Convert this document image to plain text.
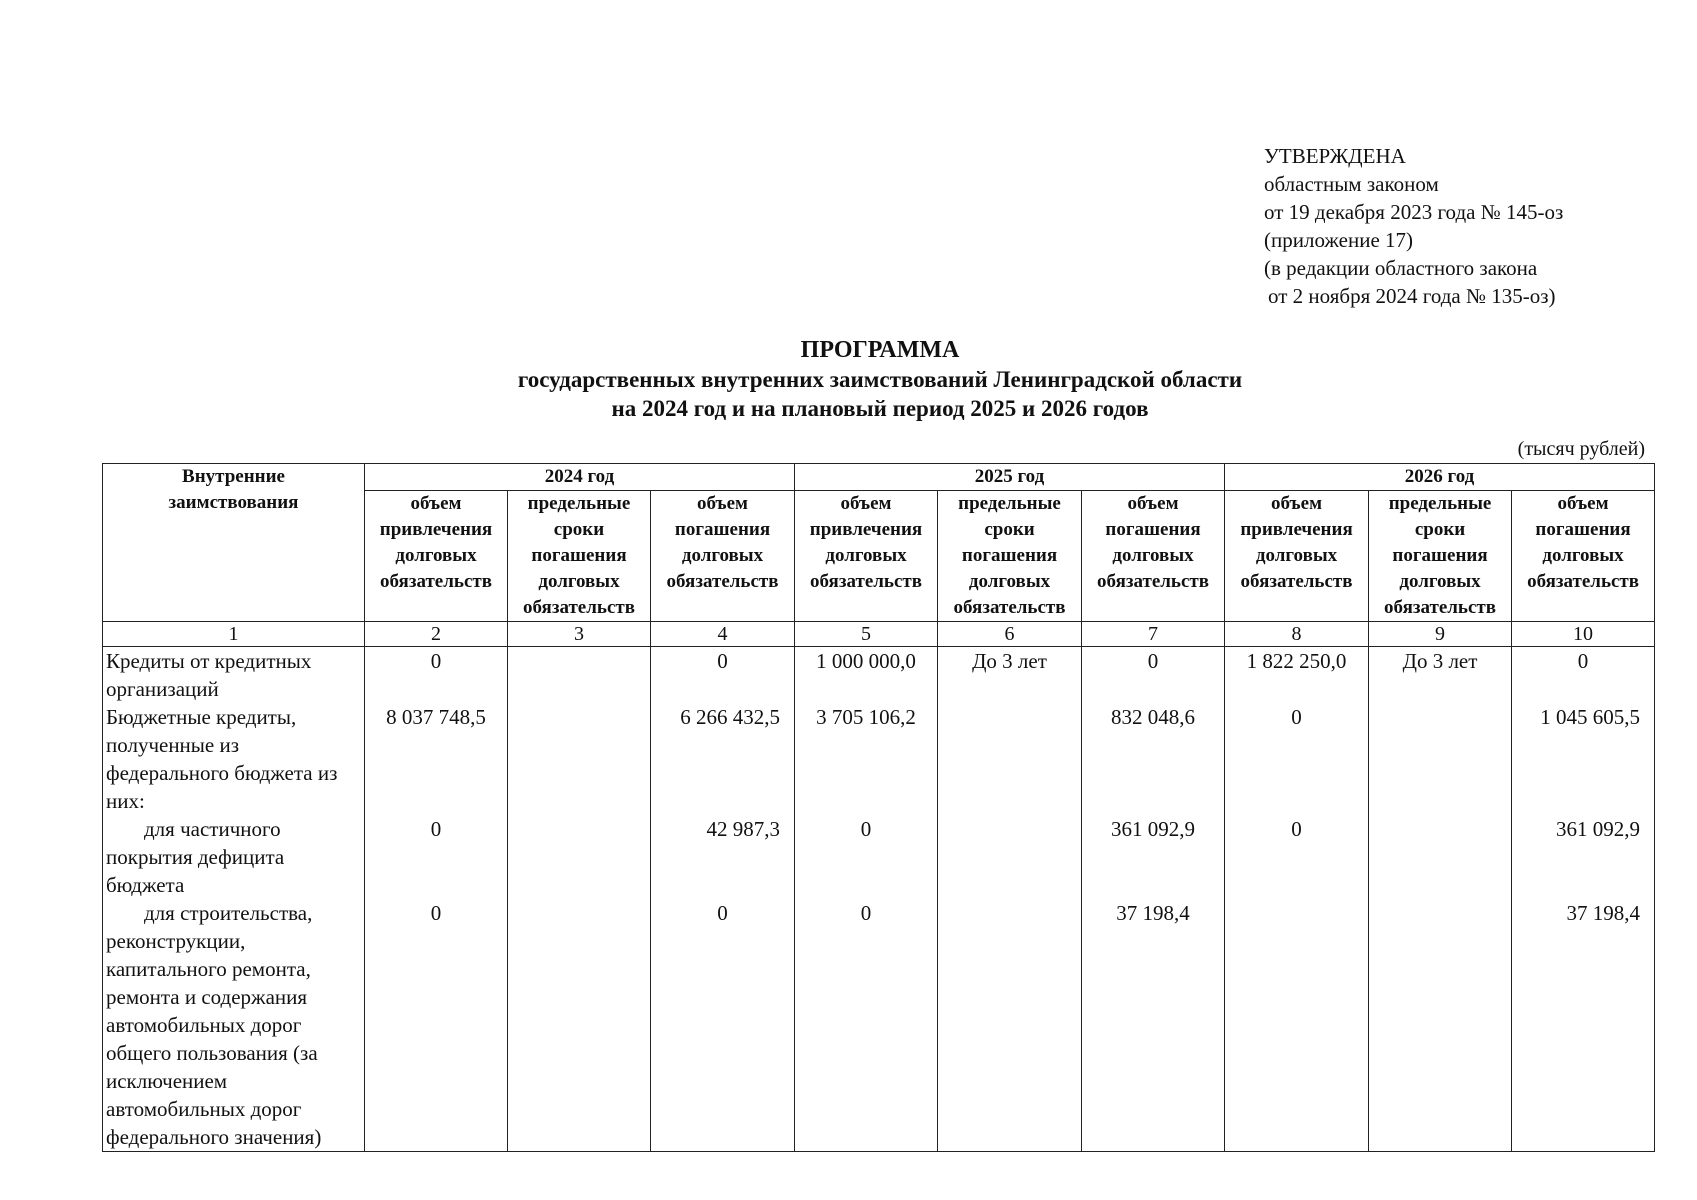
УТВЕРЖДЕНА
областным законом
от 19 декабря 2023 года № 145-оз
(приложение 17)
(в редакции областного закона
от 2 ноября 2024 года № 135-оз)
ПРОГРАММА
государственных внутренних заимствований Ленинградской области
на 2024 год и на плановый период 2025 и 2026 годов
(тысяч рублей)
Внутренние заимствования	2024 год			2025 год			2026 год		
	объем привлечения долговых обязательств	предельные сроки погашения долговых обязательств	объем погашения долговых обязательств	объем привлечения долговых обязательств	предельные сроки погашения долговых обязательств	объем погашения долговых обязательств	объем привлечения долговых обязательств	предельные сроки погашения долговых обязательств	объем погашения долговых обязательств
1	2	3	4	5	6	7	8	9	10
Кредиты от кредитных организаций	0		0	1 000 000,0	До 3 лет	0	1 822 250,0	До 3 лет	0
Бюджетные кредиты, полученные из федерального бюджета из них:	8 037 748,5		6 266 432,5	3 705 106,2		832 048,6	0		1 045 605,5

для частичного покрытия дефицита бюджета	0		42 987,3	0		361 092,9	0		361 092,9

для строительства, реконструкции, капитального ремонта, ремонта и содержания автомобильных дорог общего пользования (за исключением автомобильных дорог федерального значения)	0		0	0		37 198,4			37 198,4
